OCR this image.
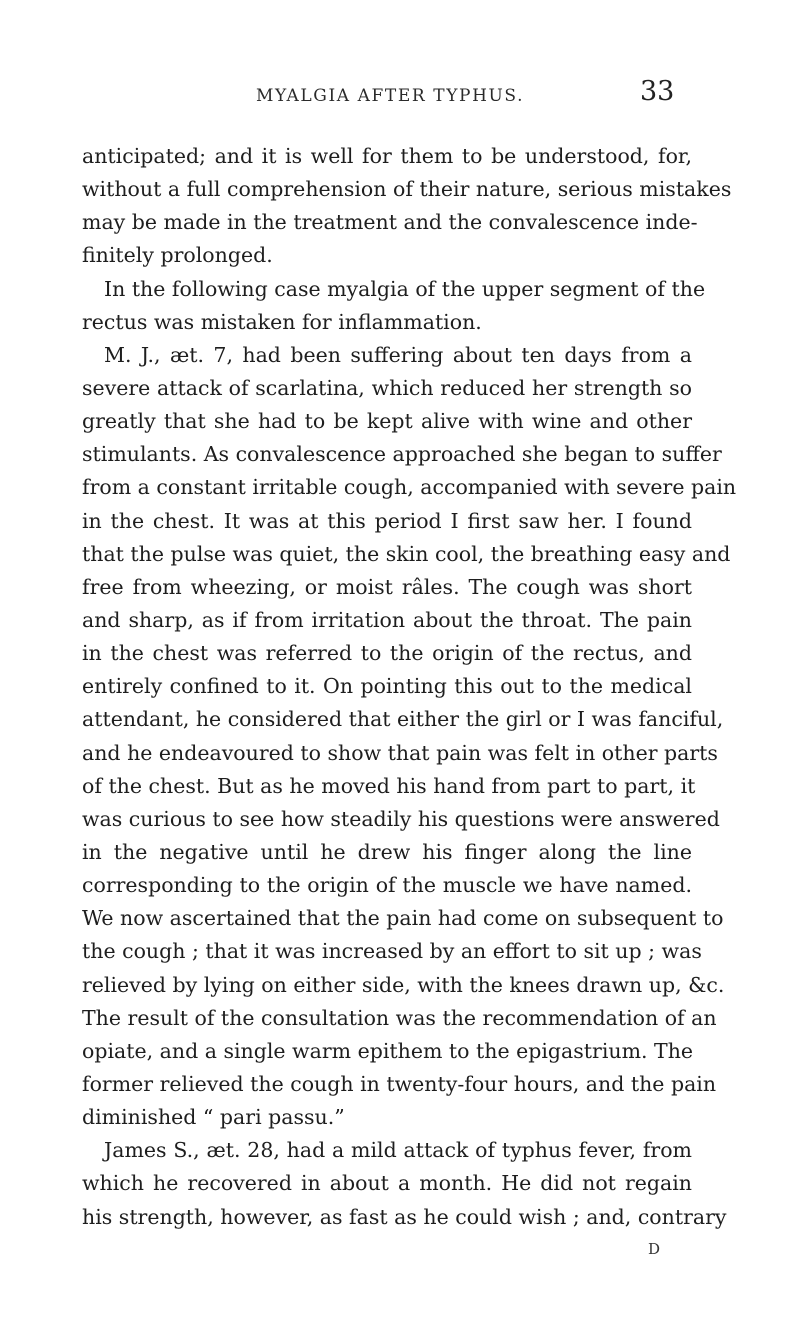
MYALGIA AFTER TYPHUS.	33
anticipated; and it is well for them to be understood, for,
without a full comprehension of their nature, serious mistakes
may be made in the treatment and the convalescence inde-
finitely prolonged.
In the following case myalgia of the upper segment of the
rectus was mistaken for inflammation.
M. J., æt. 7, had been suffering about ten days from a
severe attack of scarlatina, which reduced her strength so
greatly that she had to be kept alive with wine and other
stimulants. As convalescence approached she began to suffer
from a constant irritable cough, accompanied with severe pain
in the chest. It was at this period I first saw her. I found
that the pulse was quiet, the skin cool, the breathing easy and
free from wheezing, or moist râles. The cough was short
and sharp, as if from irritation about the throat. The pain
in the chest was referred to the origin of the rectus, and
entirely confined to it. On pointing this out to the medical
attendant, he considered that either the girl or I was fanciful,
and he endeavoured to show that pain was felt in other parts
of the chest. But as he moved his hand from part to part, it
was curious to see how steadily his questions were answered
in the negative until he drew his finger along the line
corresponding to the origin of the muscle we have named.
We now ascertained that the pain had come on subsequent to
the cough ; that it was increased by an effort to sit up ; was
relieved by lying on either side, with the knees drawn up, &c.
The result of the consultation was the recommendation of an
opiate, and a single warm epithem to the epigastrium. The
former relieved the cough in twenty-four hours, and the pain
diminished “ pari passu.”
James S., æt. 28, had a mild attack of typhus fever, from
which he recovered in about a month. He did not regain
his strength, however, as fast as he could wish ; and, contrary
D
